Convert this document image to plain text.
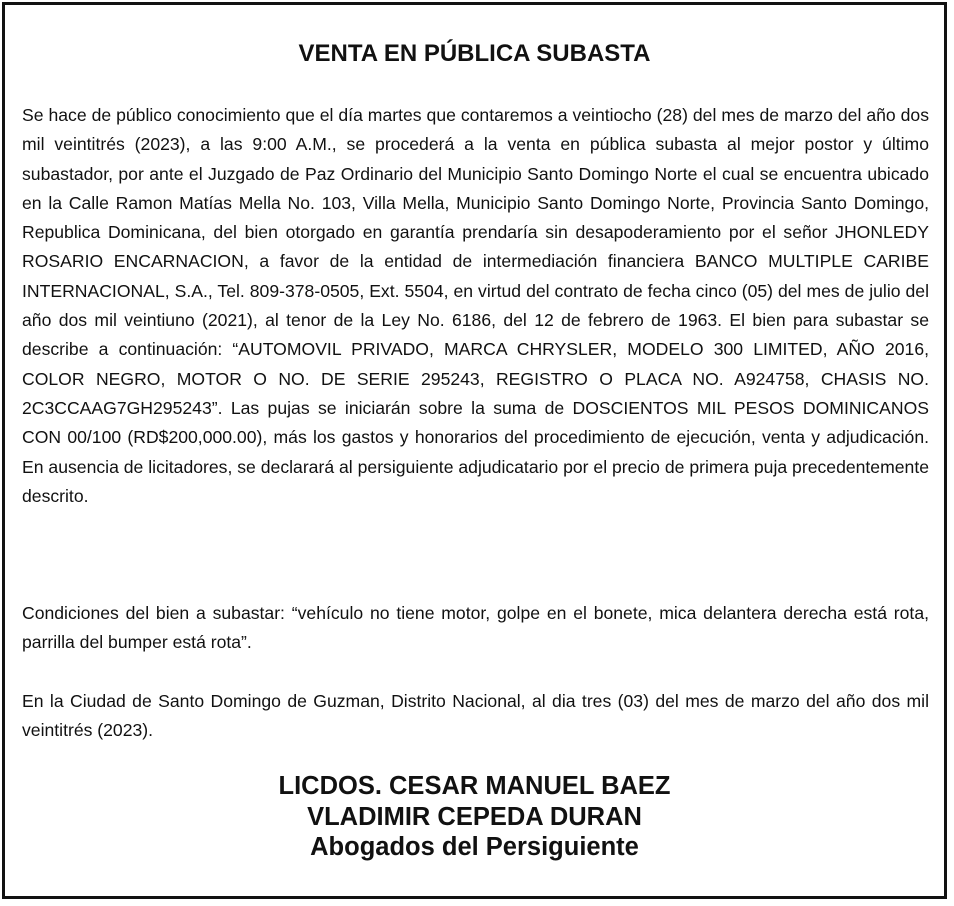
VENTA EN PÚBLICA SUBASTA

Se hace de público conocimiento que el día martes que contaremos a veintiocho (28) del mes de marzo del año dos mil veintitrés (2023), a las 9:00 A.M., se procederá a la venta en pública subasta al mejor postor y último subastador, por ante el Juzgado de Paz Ordinario del Municipio Santo Domingo Norte el cual se encuentra ubicado en la Calle Ramon Matías Mella No. 103, Villa Mella, Municipio Santo Domingo Norte, Provincia Santo Domingo, Republica Dominicana, del bien otorgado en garantía prendaría sin desapoderamiento por el señor JHONLEDY ROSARIO ENCARNACION, a favor de la entidad de intermediación financiera BANCO MULTIPLE CARIBE INTERNACIONAL, S.A., Tel. 809-378-0505, Ext. 5504, en virtud del contrato de fecha cinco (05) del mes de julio del año dos mil veintiuno (2021), al tenor de la Ley No. 6186, del 12 de febrero de 1963. El bien para subastar se describe a continuación: “AUTOMOVIL PRIVADO, MARCA CHRYSLER, MODELO 300 LIMITED, AÑO 2016, COLOR NEGRO, MOTOR O NO. DE SERIE 295243, REGISTRO O PLACA NO. A924758, CHASIS NO. 2C3CCAAG7GH295243”. Las pujas se iniciarán sobre la suma de DOSCIENTOS MIL PESOS DOMINICANOS CON 00/100 (RD$200,000.00), más los gastos y honorarios del procedimiento de ejecución, venta y adjudicación. En ausencia de licitadores, se declarará al persiguiente adjudicatario por el precio de primera puja precedentemente descrito.

Condiciones del bien a subastar: “vehículo no tiene motor, golpe en el bonete, mica delantera derecha está rota, parrilla del bumper está rota”.

En la Ciudad de Santo Domingo de Guzman, Distrito Nacional, al dia tres (03) del mes de marzo del año dos mil veintitrés (2023).

LICDOS. CESAR MANUEL BAEZ
VLADIMIR CEPEDA DURAN
Abogados del Persiguiente
